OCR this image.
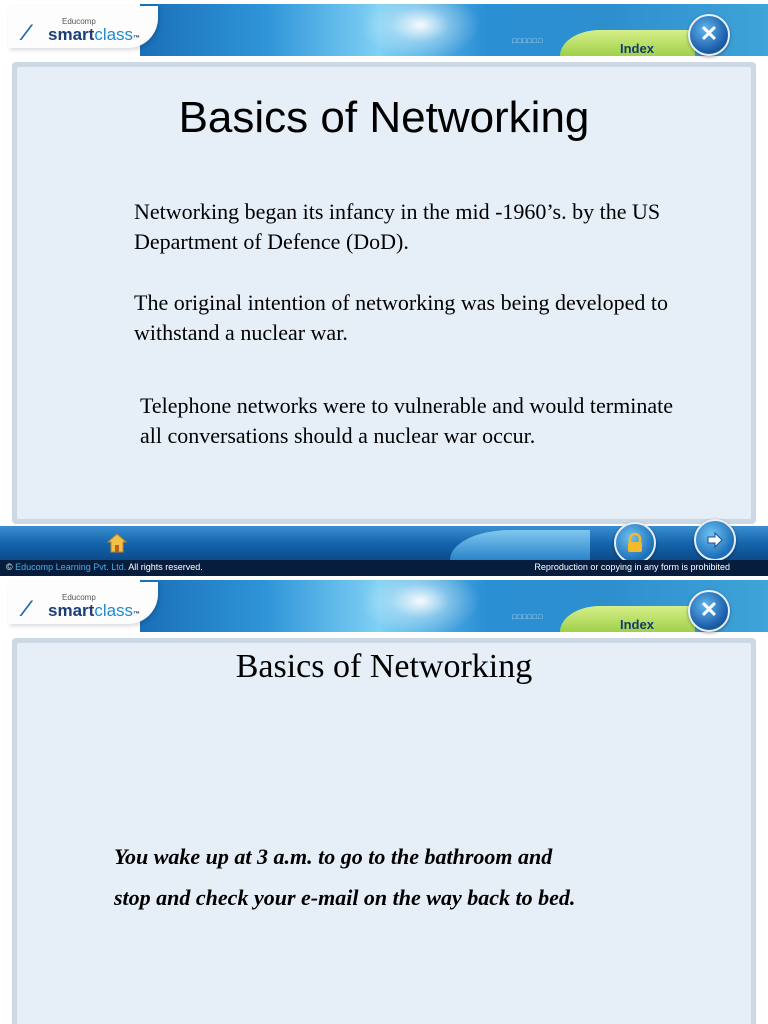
□□□□□□	Index
⁄	Educomp
smartclass™	✕
Basics of Networking

Networking began its infancy in the mid -1960’s. by the US Department of Defence (DoD).

The original intention of networking was being developed to withstand a nuclear war.

Telephone networks were to vulnerable and would terminate all conversations should a nuclear war occur.

© Educomp Learning Pvt. Ltd. All rights reserved.	Reproduction or copying in any form is prohibited
□□□□□□	Index
⁄	Educomp
smartclass™	✕
Basics of Networking
You wake up at 3 a.m. to go to the bathroom and
stop and check your e-mail on the way back to bed.
